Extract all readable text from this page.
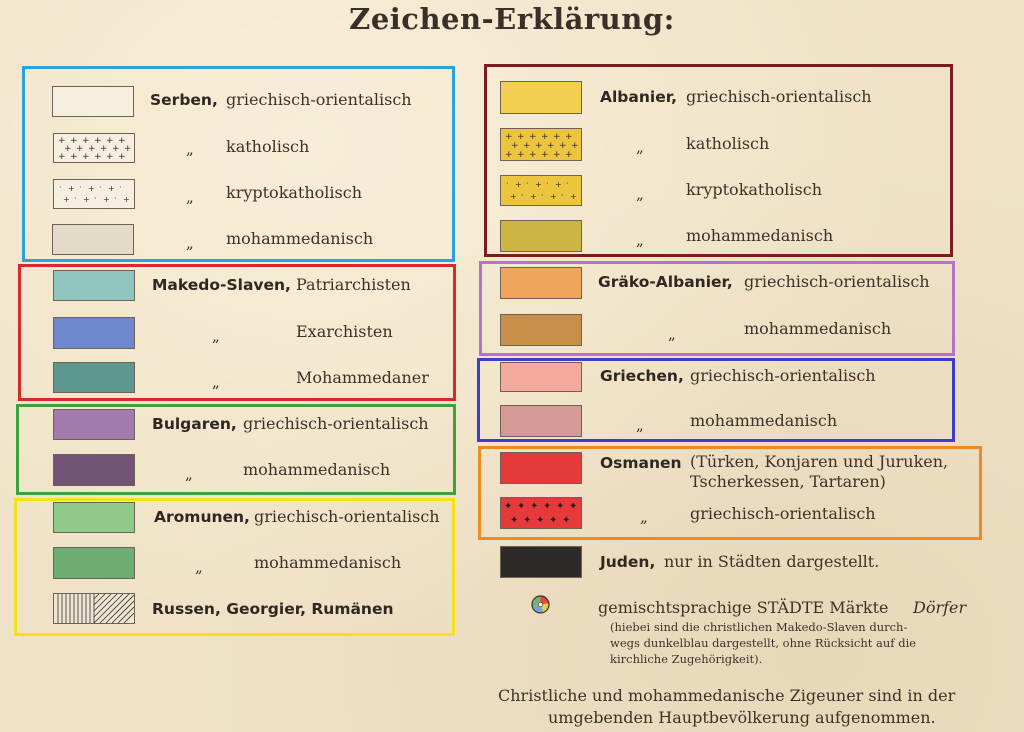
Zeichen-Erklärung:
Serben, griechisch-orientalisch
+ + + + + +
+ + + + + +
+ + + + + +	„ katholisch
· + · + · + ·
+ · + · + · +	„ kryptokatholisch
„ mohammedanisch
Makedo-Slaven, Patriarchisten
„	Exarchisten
„	Mohammedaner
Bulgaren, griechisch-orientalisch
„	mohammedanisch
Aromunen, griechisch-orientalisch
„	mohammedanisch
Russen, Georgier, Rumänen
Albanier, griechisch-orientalisch
+ + + + + +
+ + + + + +
+ + + + + +	„	katholisch
· + · + · + ·
+ · + · + · +	„	kryptokatholisch
„	mohammedanisch
Gräko-Albanier, griechisch-orientalisch
„	mohammedanisch
Griechen, griechisch-orientalisch
„	mohammedanisch
Osmanen (Türken, Konjaren und Juruken,
Tscherkessen, Tartaren)
✦ ✦ ✦ ✦ ✦ ✦
✦ ✦ ✦ ✦ ✦	„	griechisch-orientalisch
Juden, nur in Städten dargestellt.
gemischtsprachige STÄDTE Märkte Dörfer
(hiebei sind die christlichen Makedo-Slaven durch-
wegs dunkelblau dargestellt, ohne Rücksicht auf die
kirchliche Zugehörigkeit).
Christliche und mohammedanische Zigeuner sind in der
umgebenden Hauptbevölkerung aufgenommen.
